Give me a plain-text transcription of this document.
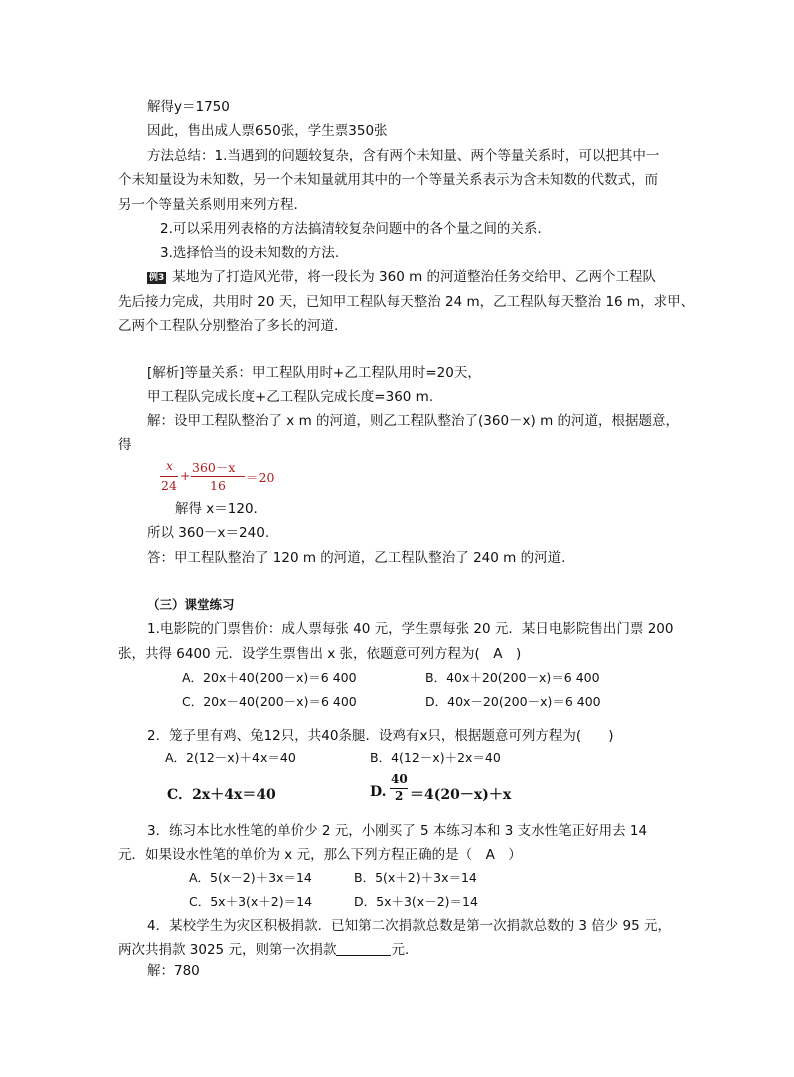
解得y＝1750
因此，售出成人票650张，学生票350张
方法总结：1.当遇到的问题较复杂，含有两个未知量、两个等量关系时，可以把其中一
个未知量设为未知数，另一个未知量就用其中的一个等量关系表示为含未知数的代数式，而
另一个等量关系则用来列方程.
2.可以采用列表格的方法搞清较复杂问题中的各个量之间的关系.
3.选择恰当的设未知数的方法.
例3 某地为了打造风光带，将一段长为 360 m 的河道整治任务交给甲、乙两个工程队
先后接力完成，共用时 20 天，已知甲工程队每天整治 24 m，乙工程队每天整治 16 m，求甲、
乙两个工程队分别整治了多长的河道.
[解析]等量关系：甲工程队用时+乙工程队用时=20天，
甲工程队完成长度+乙工程队完成长度=360 m.
解：设甲工程队整治了 x m 的河道，则乙工程队整治了(360－x) m 的河道，根据题意，
得
x
24
+
360－x
16
＝20
解得 x＝120.
所以 360－x＝240.
答：甲工程队整治了 120 m 的河道，乙工程队整治了 240 m 的河道.
（三）课堂练习
1.电影院的门票售价：成人票每张 40 元，学生票每张 20 元．某日电影院售出门票 200
张，共得 6400 元．设学生票售出 x 张，依题意可列方程为(　A　)
A．20x＋40(200－x)＝6 400	B．40x＋20(200－x)＝6 400
C．20x－40(200－x)＝6 400	D．40x－20(200－x)＝6 400
2．笼子里有鸡、兔12只，共40条腿．设鸡有x只，根据题意可列方程为(　　)
A．2(12－x)＋4x＝40	B．4(12－x)＋2x＝40
C．2x＋4x＝40	D.
40
2 ＝4(20－x)＋x
3．练习本比水性笔的单价少 2 元，小刚买了 5 本练习本和 3 支水性笔正好用去 14
元．如果设水性笔的单价为 x 元，那么下列方程正确的是（　A　）
A．5(x－2)＋3x＝14	B．5(x＋2)＋3x＝14
C．5x＋3(x＋2)＝14	D．5x＋3(x－2)＝14
4．某校学生为灾区积极捐款．已知第二次捐款总数是第一次捐款总数的 3 倍少 95 元，
两次共捐款 3025 元，则第一次捐款	元．
解：780
